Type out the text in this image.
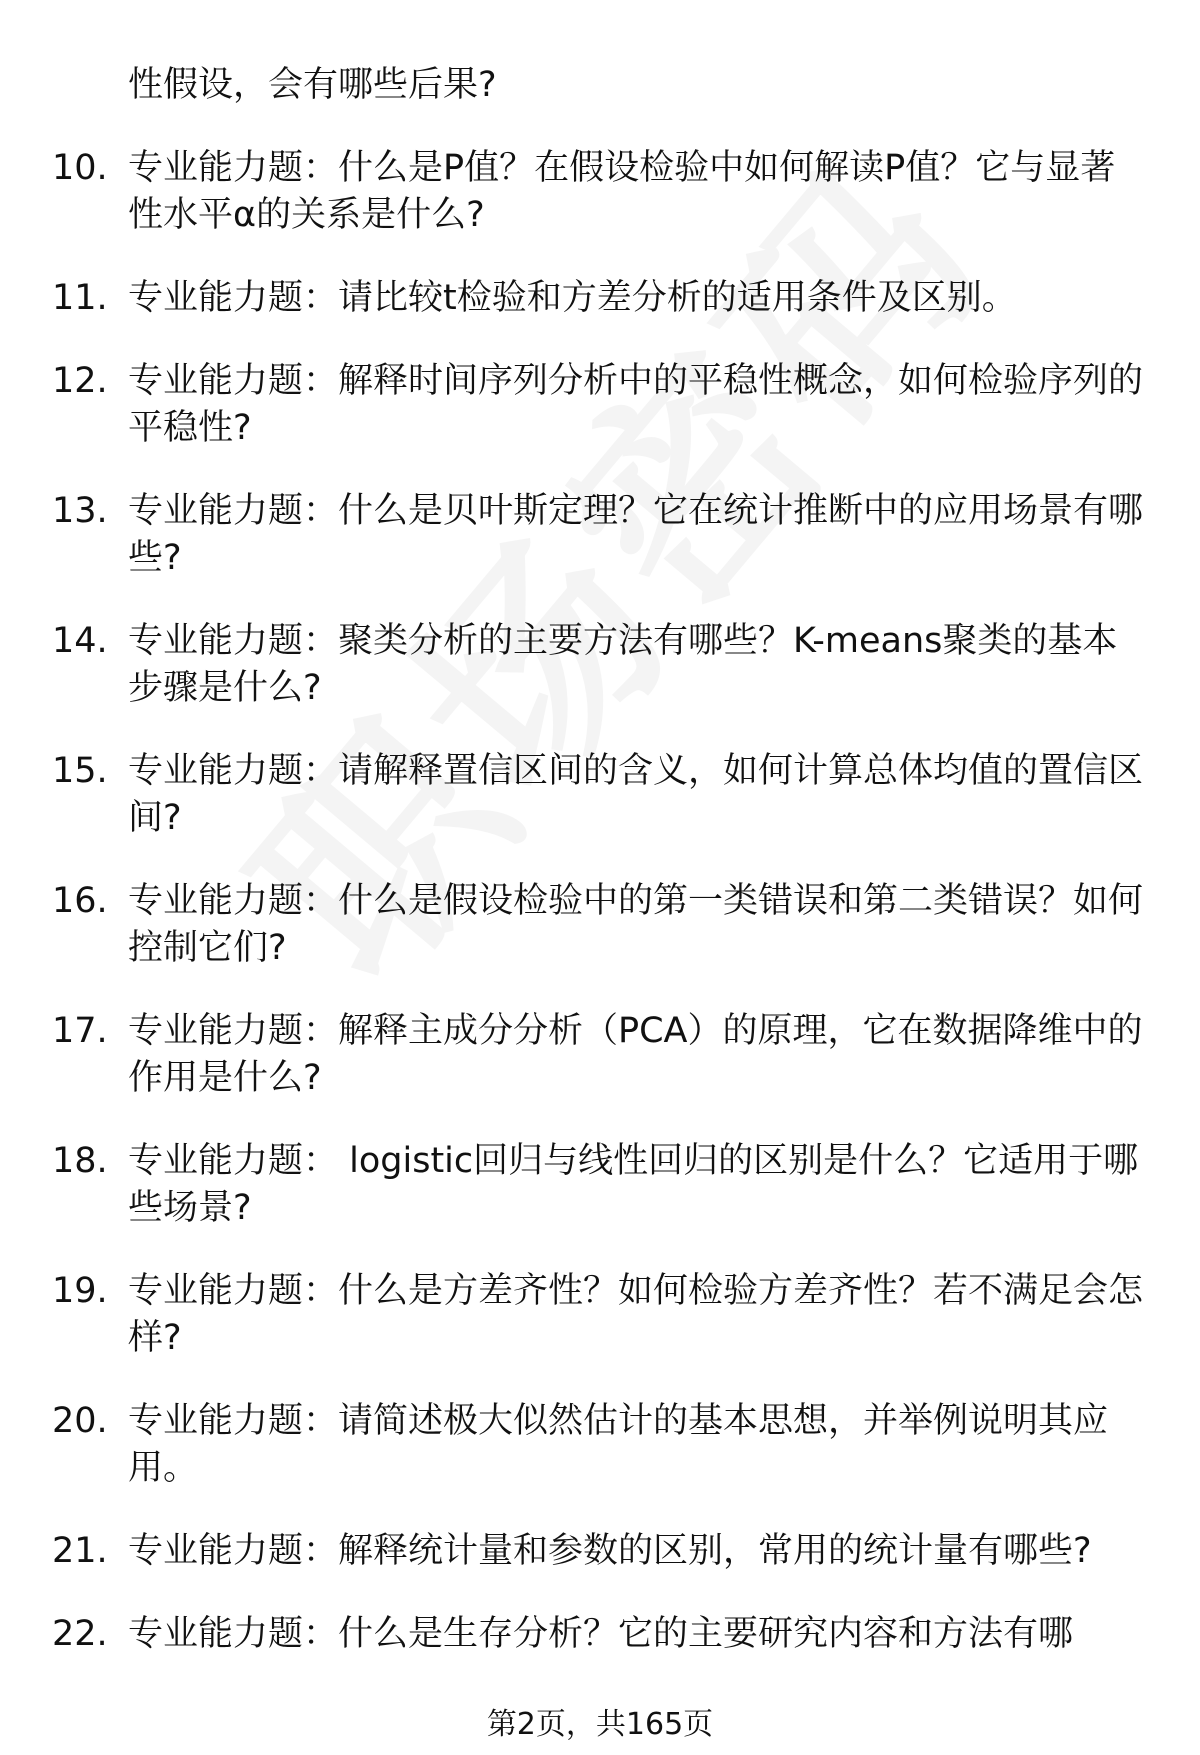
性假设，会有哪些后果?
10. 专业能力题：什么是P值？在假设检验中如何解读P值？它与显著性水平α的关系是什么?
11. 专业能力题：请比较t检验和方差分析的适用条件及区别。
12. 专业能力题：解释时间序列分析中的平稳性概念，如何检验序列的平稳性?
13. 专业能力题：什么是贝叶斯定理？它在统计推断中的应用场景有哪些?
14. 专业能力题：聚类分析的主要方法有哪些？K-means聚类的基本步骤是什么?
15. 专业能力题：请解释置信区间的含义，如何计算总体均值的置信区间?
16. 专业能力题：什么是假设检验中的第一类错误和第二类错误？如何控制它们?
17. 专业能力题：解释主成分分析（PCA）的原理，它在数据降维中的作用是什么?
18. 专业能力题： logistic回归与线性回归的区别是什么？它适用于哪些场景?
19. 专业能力题：什么是方差齐性？如何检验方差齐性？若不满足会怎样?
20. 专业能力题：请简述极大似然估计的基本思想，并举例说明其应用。
21. 专业能力题：解释统计量和参数的区别，常用的统计量有哪些?
22. 专业能力题：什么是生存分析？它的主要研究内容和方法有哪
第2页，共165页
